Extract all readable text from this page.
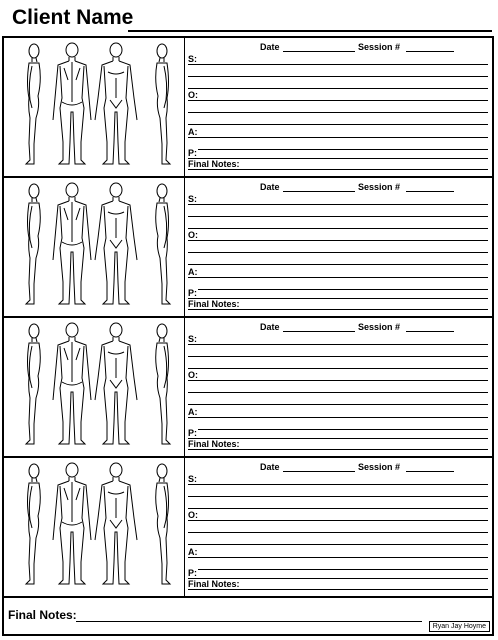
Client Name
Date	Session #
S:
O:
A:
P:
Final Notes:
Date	Session #
S:
O:
A:
P:
Final Notes:
Date	Session #
S:
O:
A:
P:
Final Notes:
Date	Session #
S:
O:
A:
P:
Final Notes:
Final Notes:
Ryan Jay Hoyme
